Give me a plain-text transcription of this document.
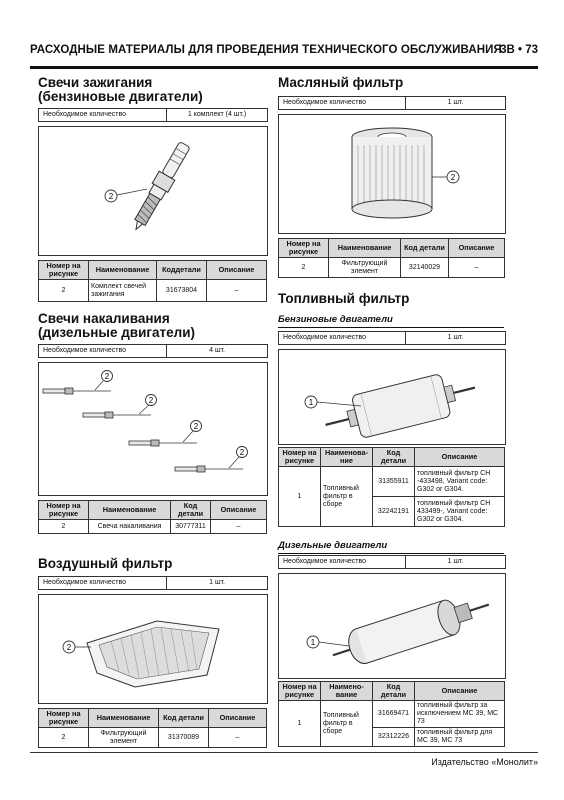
РАСХОДНЫЕ МАТЕРИАЛЫ ДЛЯ ПРОВЕДЕНИЯ ТЕХНИЧЕСКОГО ОБСЛУЖИВАНИЯ
3В • 73
Свечи зажигания
(бензиновые двигатели)
Необходимое количество	1 комплект (4 шт.)
2
Номер на рисунке	Наименование	Коддетали	Описание
2	Комплект свечей зажигания	31673804	–
Свечи накаливания
(дизельные двигатели)
Необходимое количество	4 шт.
2
2
2
2
Номер на рисунке	Наименование	Код детали	Описание
2	Свеча накаливания	30777311	–
Воздушный фильтр
Необходимое количество	1 шт.
2
Номер на рисунке	Наименование	Код детали	Описание
2	Фильтрующий элемент	31370089	–
Масляный фильтр
Необходимое количество	1 шт.
2
Номер на рисунке	Наименование	Код детали	Описание
2	Фильтрующий элемент	32140029	–
Топливный фильтр
Бензиновые двигатели
Необходимое количество	1 шт.
1
Номер на рисунке	Наименова-ние	Код детали	Описание
1	Топливный фильтр в сборе	31355911	топливный фильтр CH -433498, Variant code: G302 or G304.
		32242191	топливный фильтр CH 433499-, Variant code: G302 or G304.
Дизельные двигатели
Необходимое количество	1 шт.
1
Номер на рисунке	Наимено-вание	Код детали	Описание
1	Топливный фильтр в сборе	31669471	топливный фильтр за исключением MC 39, MC 73
		32312226	топливный фильтр для MC 39, MC 73
Издательство «Монолит»
